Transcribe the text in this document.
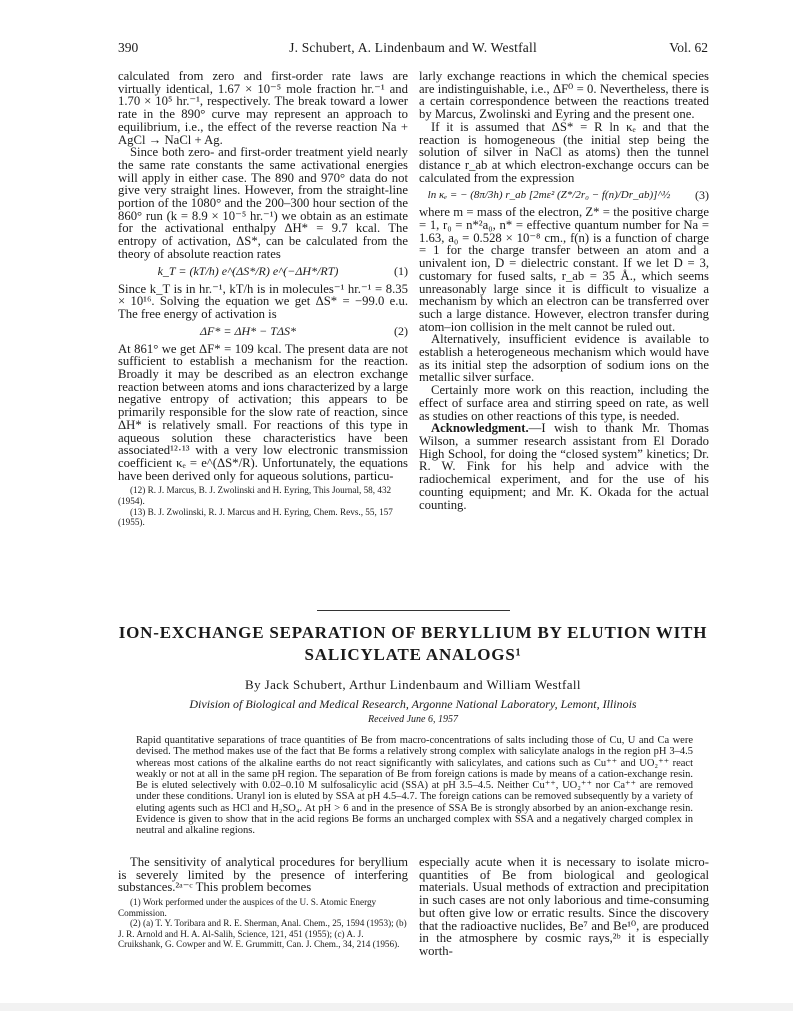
390	J. Schubert, A. Lindenbaum and W. Westfall	Vol. 62

calculated from zero and first-order rate laws are virtually identical, 1.67 × 10⁻⁵ mole fraction hr.⁻¹ and 1.70 × 10⁵ hr.⁻¹, respectively. The break toward a lower rate in the 890° curve may represent an approach to equilibrium, i.e., the effect of the reverse reaction Na + AgCl → NaCl + Ag.

Since both zero- and first-order treatment yield nearly the same rate constants the same activational energies will apply in either case. The 890 and 970° data do not give very straight lines. However, from the straight-line portion of the 1080° and the 200–300 hour section of the 860° run (k = 8.9 × 10⁻⁵ hr.⁻¹) we obtain as an estimate for the activational enthalpy ΔH* = 9.7 kcal. The entropy of activation, ΔS*, can be calculated from the theory of absolute reaction rates

k_T = (kT/h) e^(ΔS*/R) e^(−ΔH*/RT)	(1)

Since k_T is in hr.⁻¹, kT/h is in molecules⁻¹ hr.⁻¹ = 8.35 × 10¹⁶. Solving the equation we get ΔS* = −99.0 e.u. The free energy of activation is

ΔF* = ΔH* − TΔS*	(2)

At 861° we get ΔF* = 109 kcal. The present data are not sufficient to establish a mechanism for the reaction. Broadly it may be described as an electron exchange reaction between atoms and ions characterized by a large negative entropy of activation; this appears to be primarily responsible for the slow rate of reaction, since ΔH* is relatively small. For reactions of this type in aqueous solution these characteristics have been associated¹²·¹³ with a very low electronic transmission coefficient κₑ = e^(ΔS*/R). Unfortunately, the equations have been derived only for aqueous solutions, particu-

(12) R. J. Marcus, B. J. Zwolinski and H. Eyring, This Journal, 58, 432 (1954).

(13) B. J. Zwolinski, R. J. Marcus and H. Eyring, Chem. Revs., 55, 157 (1955).

larly exchange reactions in which the chemical species are indistinguishable, i.e., ΔF⁰ = 0. Nevertheless, there is a certain correspondence between the reactions treated by Marcus, Zwolinski and Eyring and the present one.

If it is assumed that ΔS* = R ln κₑ and that the reaction is homogeneous (the initial step being the solution of silver in NaCl as atoms) then the tunnel distance r_ab at which electron-exchange occurs can be calculated from the expression

ln κₑ = − (8π/3h) r_ab [2mε² (Z*/2r₀ − f(n)/Dr_ab)]^½	(3)

where m = mass of the electron, Z* = the positive charge = 1, r₀ = n*²a₀, n* = effective quantum number for Na = 1.63, a₀ = 0.528 × 10⁻⁸ cm., f(n) is a function of charge = 1 for the charge transfer between an atom and a univalent ion, D = dielectric constant. If we let D = 3, customary for fused salts, r_ab = 35 Å., which seems unreasonably large since it is difficult to visualize a mechanism by which an electron can be transferred over such a large distance. However, electron transfer during atom–ion collision in the melt cannot be ruled out.

Alternatively, insufficient evidence is available to establish a heterogeneous mechanism which would have as its initial step the adsorption of sodium ions on the metallic silver surface.

Certainly more work on this reaction, including the effect of surface area and stirring speed on rate, as well as studies on other reactions of this type, is needed.

Acknowledgment.—I wish to thank Mr. Thomas Wilson, a summer research assistant from El Dorado High School, for doing the “closed system” kinetics; Dr. R. W. Fink for his help and advice with the radiochemical experiment, and for the use of his counting equipment; and Mr. K. Okada for the actual counting.

ION-EXCHANGE SEPARATION OF BERYLLIUM BY ELUTION WITH
SALICYLATE ANALOGS¹
By Jack Schubert, Arthur Lindenbaum and William Westfall
Division of Biological and Medical Research, Argonne National Laboratory, Lemont, Illinois
Received June 6, 1957
Rapid quantitative separations of trace quantities of Be from macro-concentrations of salts including those of Cu, U and Ca were devised. The method makes use of the fact that Be forms a relatively strong complex with salicylate analogs in the region pH 3–4.5 whereas most cations of the alkaline earths do not react significantly with salicylates, and cations such as Cu⁺⁺ and UO₂⁺⁺ react weakly or not at all in the same pH region. The separation of Be from foreign cations is made by means of a cation-exchange resin. Be is eluted selectively with 0.02–0.10 M sulfosalicylic acid (SSA) at pH 3.5–4.5. Neither Cu⁺⁺, UO₂⁺⁺ nor Ca⁺⁺ are removed under these conditions. Uranyl ion is eluted by SSA at pH 4.5–4.7. The foreign cations can be removed subsequently by a variety of eluting agents such as HCl and H₂SO₄. At pH > 6 and in the presence of SSA Be is strongly absorbed by an anion-exchange resin. Evidence is given to show that in the acid regions Be forms an uncharged complex with SSA and a negatively charged complex in neutral and alkaline regions.

The sensitivity of analytical procedures for beryllium is severely limited by the presence of interfering substances.²ᵃ⁻ᶜ This problem becomes

(1) Work performed under the auspices of the U. S. Atomic Energy Commission.

(2) (a) T. Y. Toribara and R. E. Sherman, Anal. Chem., 25, 1594 (1953); (b) J. R. Arnold and H. A. Al-Salih, Science, 121, 451 (1955); (c) A. J. Cruikshank, G. Cowper and W. E. Grummitt, Can. J. Chem., 34, 214 (1956).

especially acute when it is necessary to isolate micro-quantities of Be from biological and geological materials. Usual methods of extraction and precipitation in such cases are not only laborious and time-consuming but often give low or erratic results. Since the discovery that the radioactive nuclides, Be⁷ and Be¹⁰, are produced in the atmosphere by cosmic rays,²ᵇ it is especially worth-
